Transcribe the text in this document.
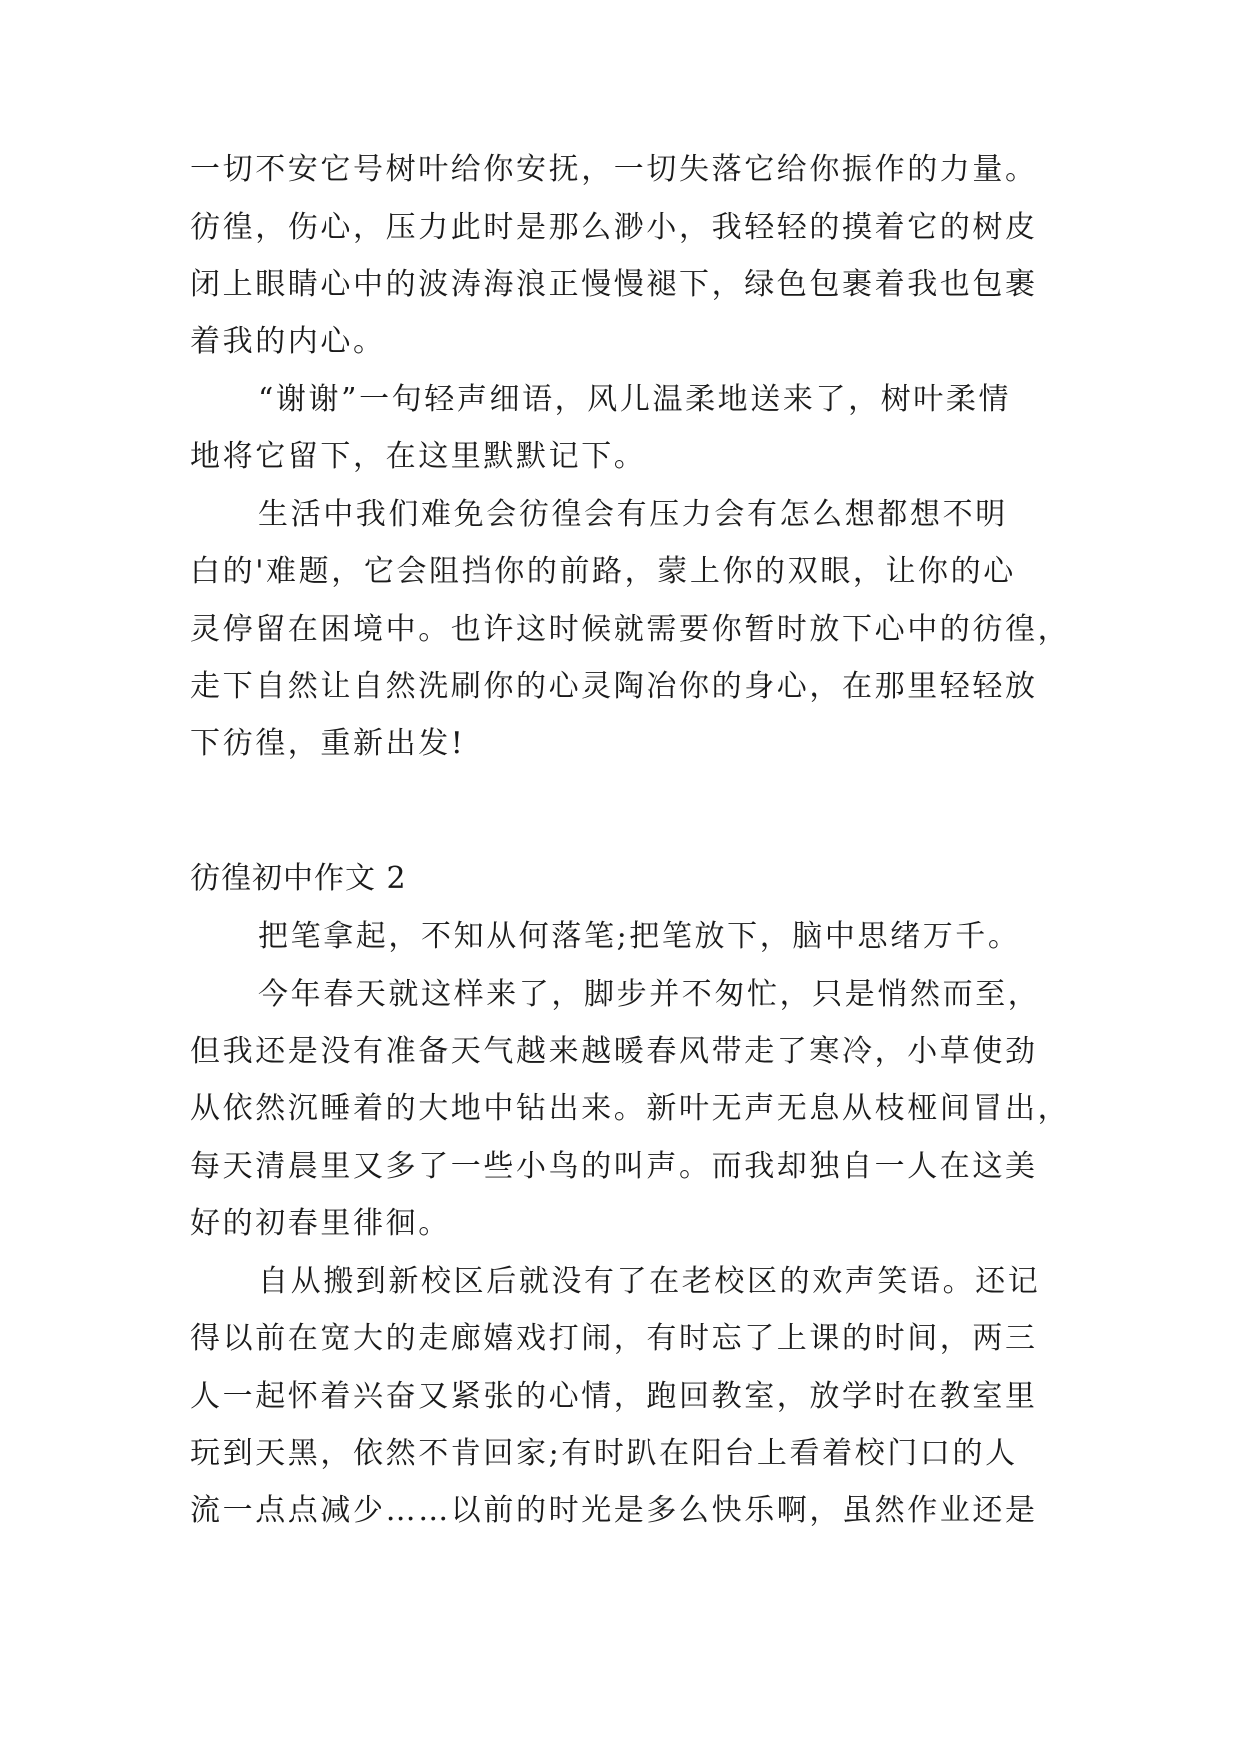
一切不安它号树叶给你安抚，一切失落它给你振作的力量。

彷徨，伤心，压力此时是那么渺小，我轻轻的摸着它的树皮

闭上眼睛心中的波涛海浪正慢慢褪下，绿色包裹着我也包裹

着我的内心。

“谢谢”一句轻声细语，风儿温柔地送来了，树叶柔情

地将它留下，在这里默默记下。

生活中我们难免会彷徨会有压力会有怎么想都想不明

白的'难题，它会阻挡你的前路，蒙上你的双眼，让你的心

灵停留在困境中。也许这时候就需要你暂时放下心中的彷徨，

走下自然让自然洗刷你的心灵陶冶你的身心，在那里轻轻放

下彷徨，重新出发!

彷徨初中作文 2

把笔拿起，不知从何落笔;把笔放下，脑中思绪万千。

今年春天就这样来了，脚步并不匆忙，只是悄然而至，

但我还是没有准备天气越来越暖春风带走了寒冷，小草使劲

从依然沉睡着的大地中钻出来。新叶无声无息从枝桠间冒出，

每天清晨里又多了一些小鸟的叫声。而我却独自一人在这美

好的初春里徘徊。

自从搬到新校区后就没有了在老校区的欢声笑语。还记

得以前在宽大的走廊嬉戏打闹，有时忘了上课的时间，两三

人一起怀着兴奋又紧张的心情，跑回教室，放学时在教室里

玩到天黑，依然不肯回家;有时趴在阳台上看着校门口的人

流一点点减少……以前的时光是多么快乐啊，虽然作业还是
